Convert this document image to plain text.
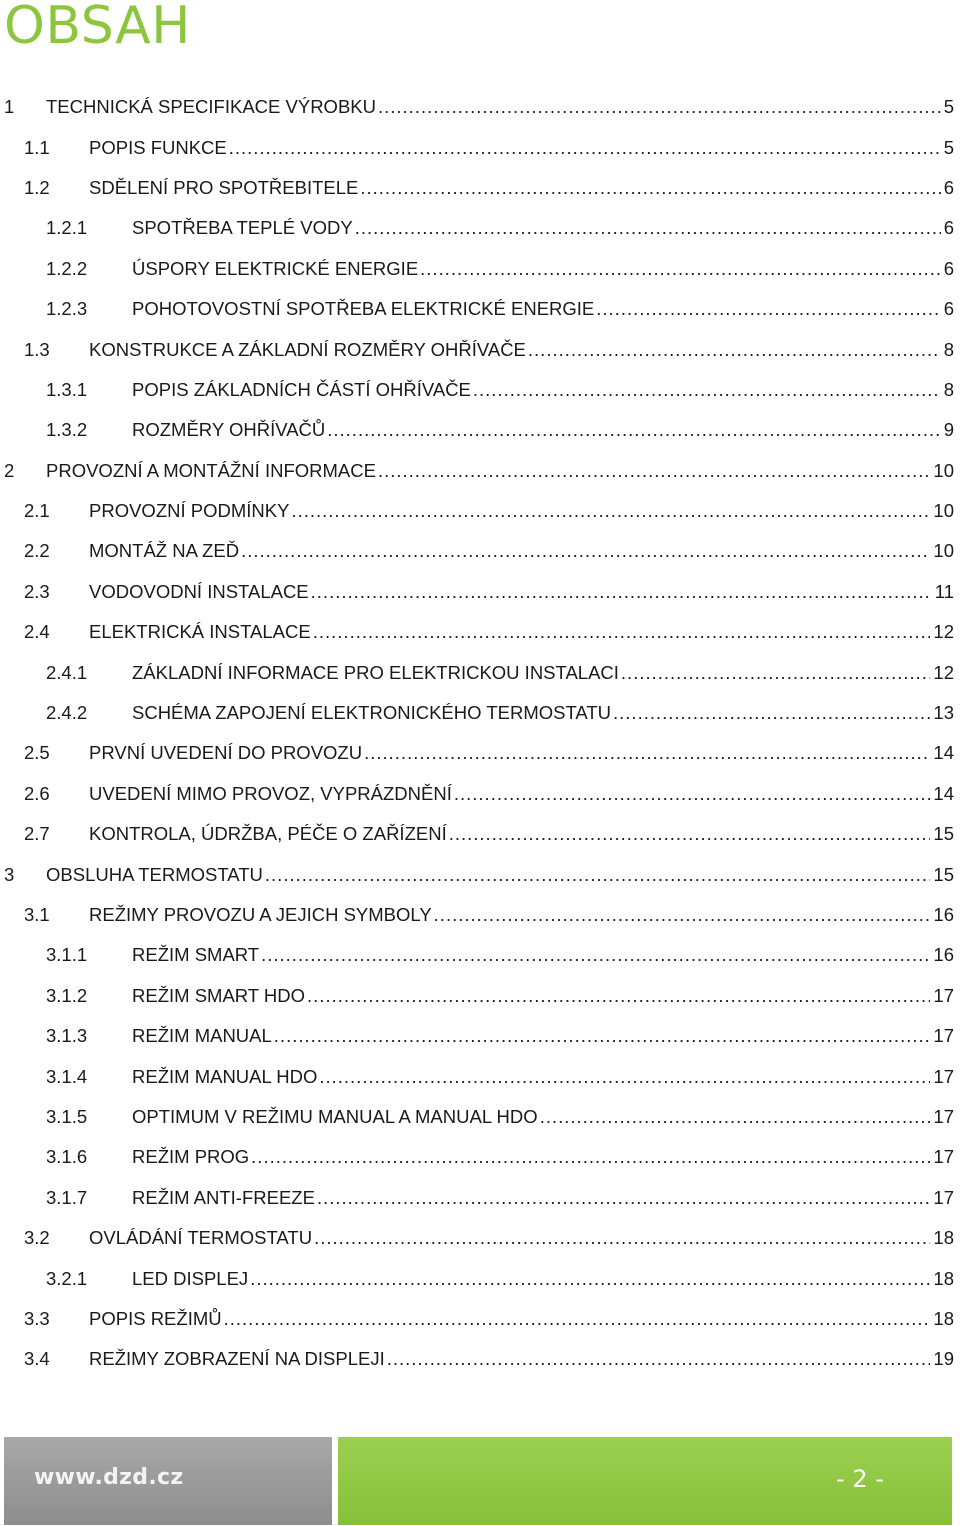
OBSAH
1	TECHNICKÁ SPECIFIKACE VÝROBKU .....	5
1.1	POPIS FUNKCE .....	5
1.2	SDĚLENÍ PRO SPOTŘEBITELE .....	6
1.2.1	SPOTŘEBA TEPLÉ VODY .....	6
1.2.2	ÚSPORY ELEKTRICKÉ ENERGIE .....	6
1.2.3	POHOTOVOSTNÍ SPOTŘEBA ELEKTRICKÉ ENERGIE .....	6
1.3	KONSTRUKCE A ZÁKLADNÍ ROZMĚRY OHŘÍVAČE .....	8
1.3.1	POPIS ZÁKLADNÍCH ČÁSTÍ OHŘÍVAČE .....	8
1.3.2	ROZMĚRY OHŘÍVAČŮ .....	9
2	PROVOZNÍ A MONTÁŽNÍ INFORMACE .....	10
2.1	PROVOZNÍ PODMÍNKY .....	10
2.2	MONTÁŽ NA ZEĎ .....	10
2.3	VODOVODNÍ INSTALACE .....	11
2.4	ELEKTRICKÁ INSTALACE .....	12
2.4.1	ZÁKLADNÍ INFORMACE PRO ELEKTRICKOU INSTALACI .....	12
2.4.2	SCHÉMA ZAPOJENÍ ELEKTRONICKÉHO TERMOSTATU .....	13
2.5	PRVNÍ UVEDENÍ DO PROVOZU .....	14
2.6	UVEDENÍ MIMO PROVOZ, VYPRÁZDNĚNÍ .....	14
2.7	KONTROLA, ÚDRŽBA, PÉČE O ZAŘÍZENÍ .....	15
3	OBSLUHA TERMOSTATU .....	15
3.1	REŽIMY PROVOZU A JEJICH SYMBOLY .....	16
3.1.1	REŽIM SMART .....	16
3.1.2	REŽIM SMART HDO .....	17
3.1.3	REŽIM MANUAL .....	17
3.1.4	REŽIM MANUAL HDO .....	17
3.1.5	OPTIMUM V REŽIMU MANUAL A MANUAL HDO .....	17
3.1.6	REŽIM PROG .....	17
3.1.7	REŽIM ANTI-FREEZE .....	17
3.2	OVLÁDÁNÍ TERMOSTATU .....	18
3.2.1	LED DISPLEJ .....	18
3.3	POPIS REŽIMŮ .....	18
3.4	REŽIMY ZOBRAZENÍ NA DISPLEJI .....	19
www.dzd.cz	- 2 -
